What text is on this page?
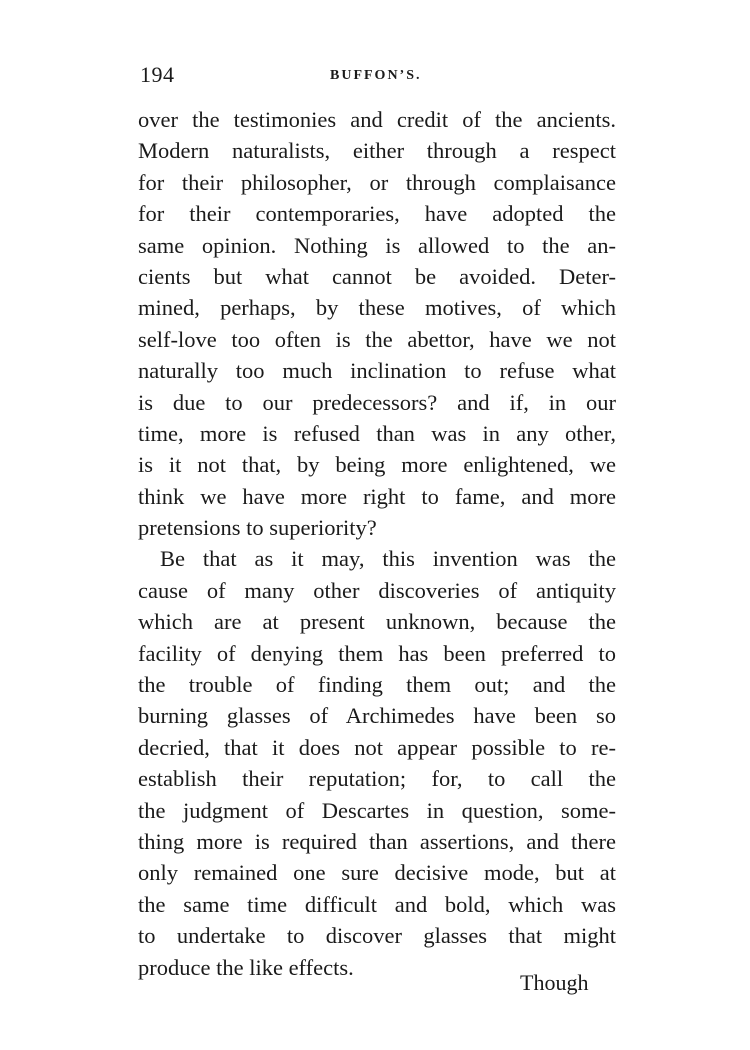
194	BUFFON’S.
over the testimonies and credit of the ancients.
Modern naturalists, either through a respect
for their philosopher, or through complaisance
for their contemporaries, have adopted the
same opinion. Nothing is allowed to the an-
cients but what cannot be avoided. Deter-
mined, perhaps, by these motives, of which
self-love too often is the abettor, have we not
naturally too much inclination to refuse what
is due to our predecessors? and if, in our
time, more is refused than was in any other,
is it not that, by being more enlightened, we
think we have more right to fame, and more
pretensions to superiority?
Be that as it may, this invention was the
cause of many other discoveries of antiquity
which are at present unknown, because the
facility of denying them has been preferred to
the trouble of finding them out; and the
burning glasses of Archimedes have been so
decried, that it does not appear possible to re-
establish their reputation; for, to call the
the judgment of Descartes in question, some-
thing more is required than assertions, and there
only remained one sure decisive mode, but at
the same time difficult and bold, which was
to undertake to discover glasses that might
produce the like effects.
Though
